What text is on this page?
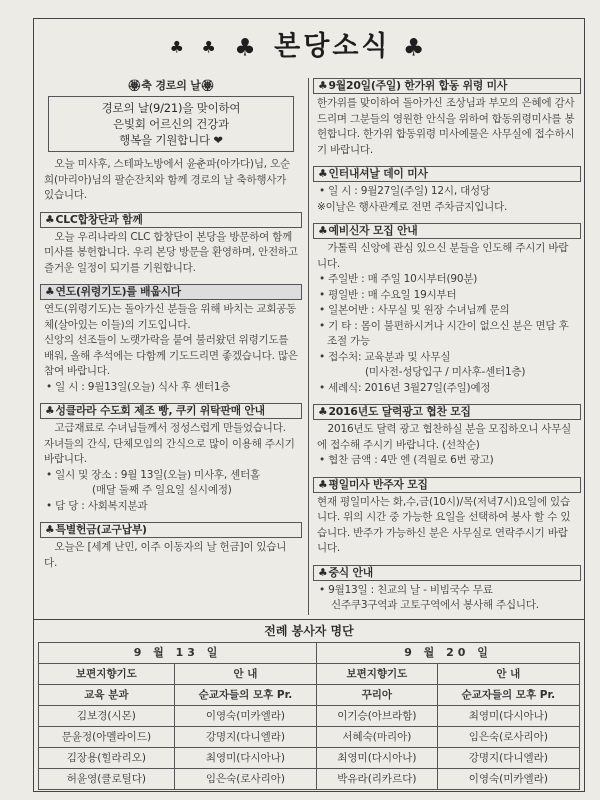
♣ ♣ ♣ 본당소식 ♣
🏵축 경로의 날🏵
경로의 날(9/21)을 맞이하여
은빛회 어르신의 건강과
행복을 기원합니다 ❤

오늘 미사후, 스테파노방에서 윤춘파(아가다)님, 오순희(마리아)님의 팔순잔치와 함께 경로의 날 축하행사가 있습니다.

♣ CLC합창단과 함께

오늘 우리나라의 CLC 합창단이 본당을 방문하여 함께 미사를 봉헌합니다. 우리 본당 방문을 환영하며, 안전하고 즐거운 일정이 되기를 기원합니다.

♣ 연도(위령기도)를 배웁시다

연도(위령기도)는 돌아가신 분들을 위해 바치는 교회공동체(살아있는 이들)의 기도입니다.

신앙의 선조들이 노랫가락을 붙여 불러왔던 위령기도를 배워, 올해 추석에는 다함께 기도드리면 좋겠습니다. 많은 참여 바랍니다.

• 일 시 : 9월13일(오늘) 식사 후 센터1층

♣ 성클라라 수도회 제조 빵, 쿠키 위탁판매 안내

고급재료로 수녀님들께서 정성스럽게 만들었습니다. 자녀들의 간식, 단체모임의 간식으로 많이 이용해 주시기 바랍니다.

• 일시 및 장소 : 9월 13일(오늘) 미사후, 센터홀

(매달 둘째 주 일요일 실시예정)

• 담 당 : 사회복지분과

♣ 특별헌금(교구납부)

오늘은 [세계 난민, 이주 이동자의 날 헌금]이 있습니다.

♣ 9월20일(주일) 한가위 합동 위령 미사

한가위를 맞이하여 돌아가신 조상님과 부모의 은혜에 감사드리며 그분들의 영원한 안식을 위하여 합동위령미사를 봉헌합니다. 한가위 합동위령 미사예물은 사무실에 접수하시기 바랍니다.

♣ 인터내셔날 데이 미사

• 일 시 : 9월27일(주일) 12시, 대성당

※이날은 행사관계로 전면 주차금지입니다.

♣ 예비신자 모집 안내

가톨릭 신앙에 관심 있으신 분들을 인도해 주시기 바랍니다.

• 주일반 : 매 주일 10시부터(90분)

• 평일반 : 매 수요일 19시부터

• 일본어반 : 사무실 및 원장 수녀님께 문의

• 기 타 : 몸이 불편하시거나 시간이 없으신 분은 면담 후 조절 가능

• 접수처: 교육분과 및 사무실

(미사전-성당입구 / 미사후-센터1층)

• 세례식: 2016년 3월27일(주일)예정

♣ 2016년도 달력광고 협찬 모집

2016년도 달력 광고 협찬하실 분을 모집하오니 사무실에 접수해 주시기 바랍니다. (선착순)

• 협찬 금액 : 4만 엔 (격월로 6번 광고)

♣ 평일미사 반주자 모집

현재 평일미사는 화,수,금(10시)/목(저녁7시)요일에 있습니다. 위의 시간 중 가능한 요일을 선택하여 봉사 할 수 있습니다. 반주가 가능하신 분은 사무실로 연락주시기 바랍니다.

♣ 중식 안내

• 9월13일 : 친교의 날 - 비빔국수 무료

신주쿠3구역과 고토구역에서 봉사해 주십니다.

전례 봉사자 명단
9 월 13 일		9 월 20 일	
보편지향기도	안 내	보편지향기도	안 내
교육 분과	순교자들의 모후 Pr.	꾸리아	순교자들의 모후 Pr.
김보경(시몬)	이영숙(미카엘라)	이기승(아브라함)	최영미(다시아나)
문윤정(아멜라이드)	강명지(다니엘라)	서혜숙(마리아)	임은숙(로사리아)
김장용(힐라리오)	최영미(다시아나)	최영미(다시아나)	강명지(다니엘라)
허윤영(클로틸다)	임은숙(로사리아)	박유라(리카르다)	이영숙(미카엘라)
